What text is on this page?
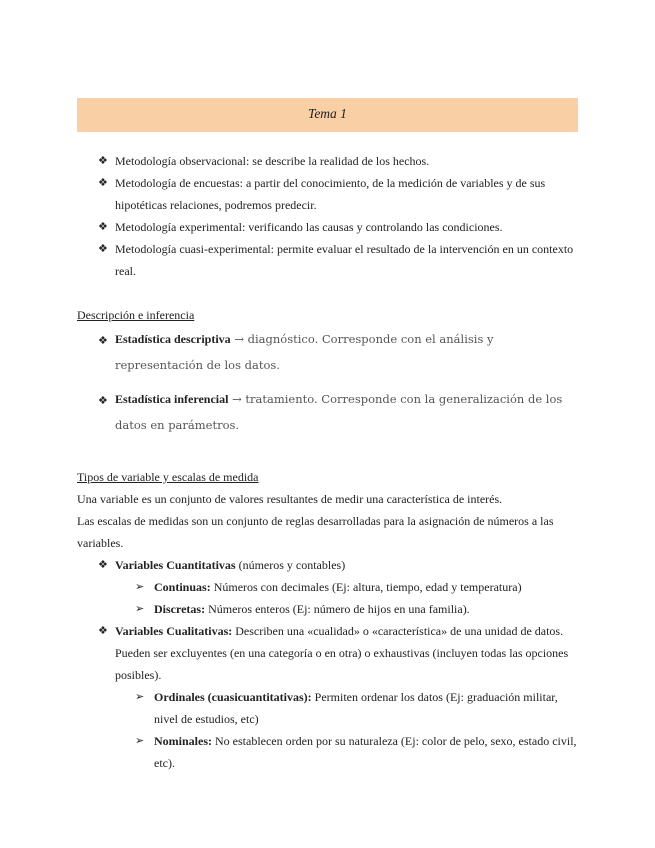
Tema 1
❖ Metodología observacional: se describe la realidad de los hechos.
❖ Metodología de encuestas: a partir del conocimiento, de la medición de variables y de sus hipotéticas relaciones, podremos predecir.
❖ Metodología experimental: verificando las causas y controlando las condiciones.
❖ Metodología cuasi-experimental: permite evaluar el resultado de la intervención en un contexto real.
Descripción e inferencia
❖ Estadística descriptiva → diagnóstico. Corresponde con el análisis y representación de los datos.
❖ Estadística inferencial → tratamiento. Corresponde con la generalización de los datos en parámetros.
Tipos de variable y escalas de medida
Una variable es un conjunto de valores resultantes de medir una característica de interés.
Las escalas de medidas son un conjunto de reglas desarrolladas para la asignación de números a las variables.
❖ Variables Cuantitativas (números y contables)
➢ Continuas: Números con decimales (Ej: altura, tiempo, edad y temperatura)
➢ Discretas: Números enteros (Ej: número de hijos en una familia).
❖ Variables Cualitativas: Describen una «cualidad» o «característica» de una unidad de datos. Pueden ser excluyentes (en una categoría o en otra) o exhaustivas (incluyen todas las opciones posibles).
➢ Ordinales (cuasicuantitativas): Permiten ordenar los datos (Ej: graduación militar, nivel de estudios, etc)
➢ Nominales: No establecen orden por su naturaleza (Ej: color de pelo, sexo, estado civil, etc).
